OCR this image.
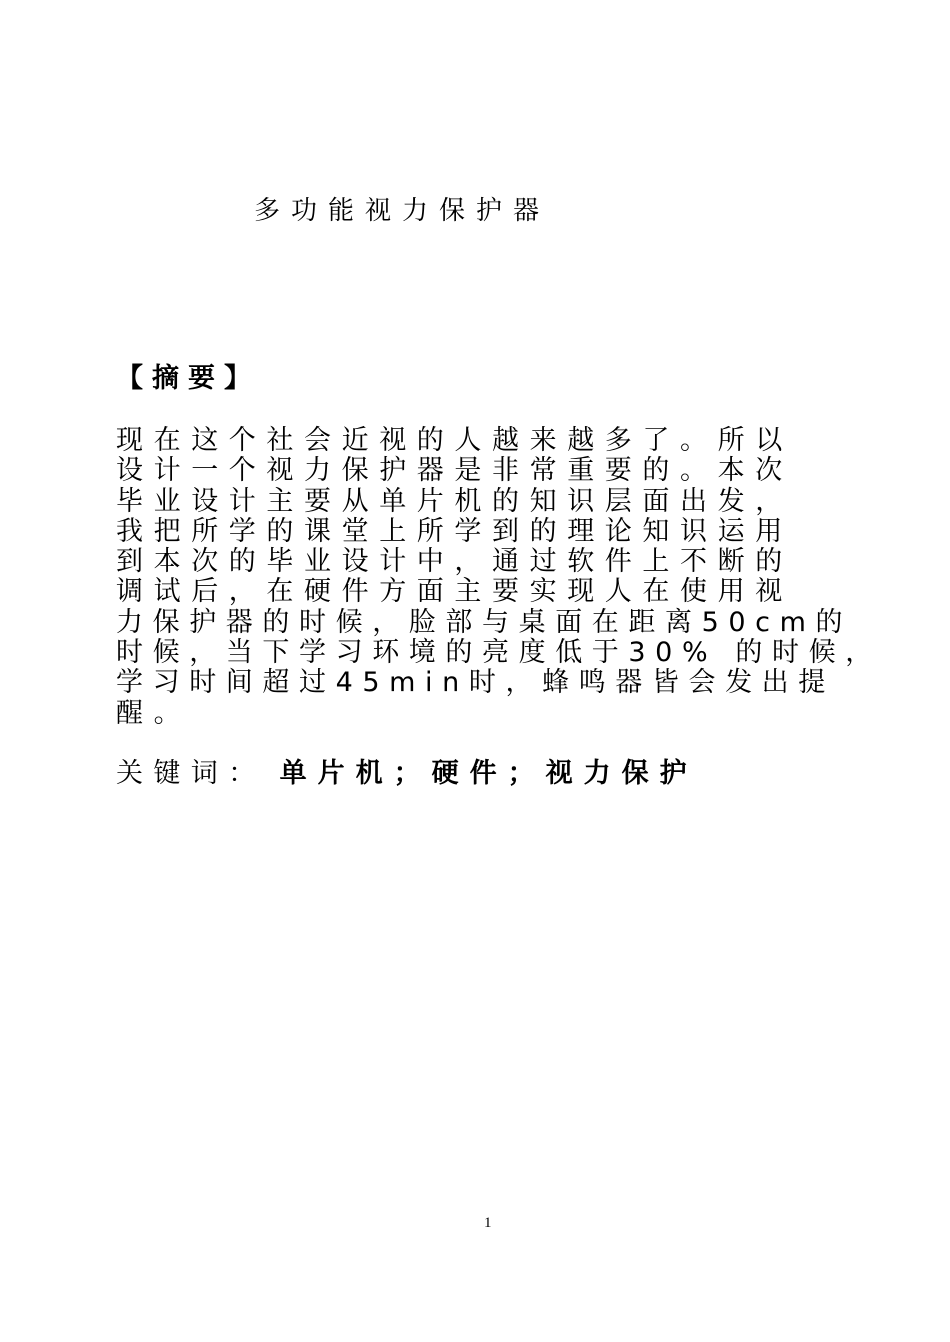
多功能视力保护器
【摘要】
现在这个社会近视的人越来越多了。所以
设计一个视力保护器是非常重要的。本次
毕业设计主要从单片机的知识层面出发，
我把所学的课堂上所学到的理论知识运用
到本次的毕业设计中，通过软件上不断的
调试后，在硬件方面主要实现人在使用视
力保护器的时候，脸部与桌面在距离50cm的
时候，当下学习环境的亮度低于30% 的时候，
学习时间超过45min时，蜂鸣器皆会发出提
醒。
关键词： 单片机；硬件；视力保护
1
